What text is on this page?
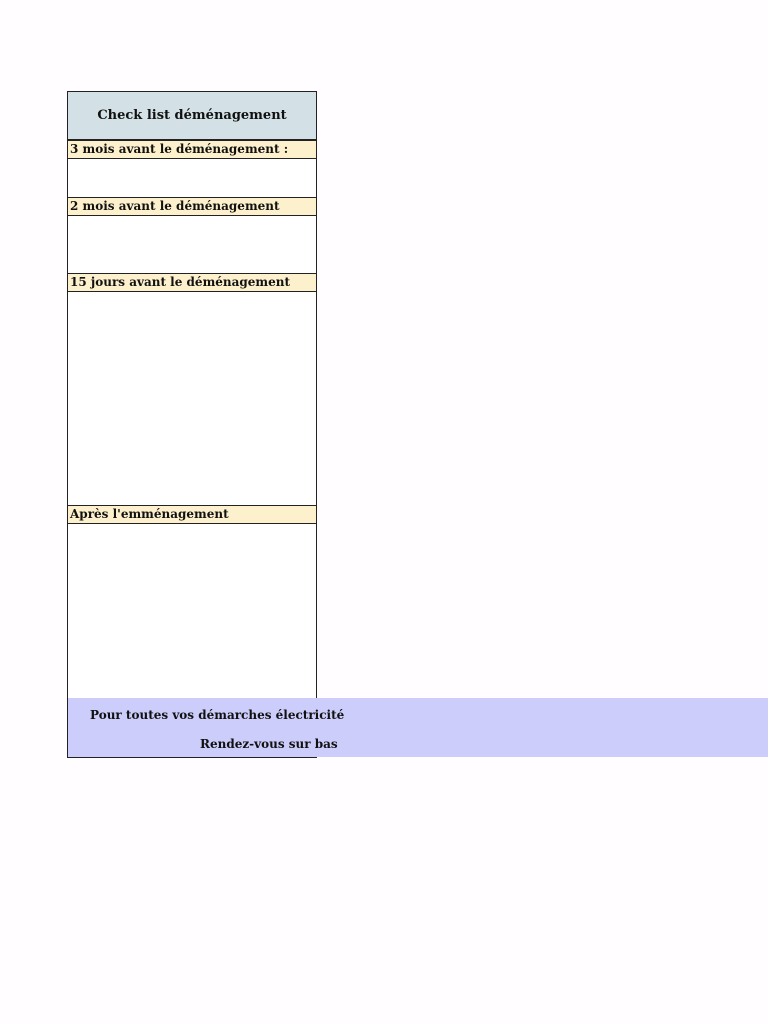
Check list déménagement
3 mois avant le déménagement :
2 mois avant le déménagement
15 jours avant le déménagement
Après l'emménagement
Pour toutes vos démarches électricité
Rendez-vous sur bas
